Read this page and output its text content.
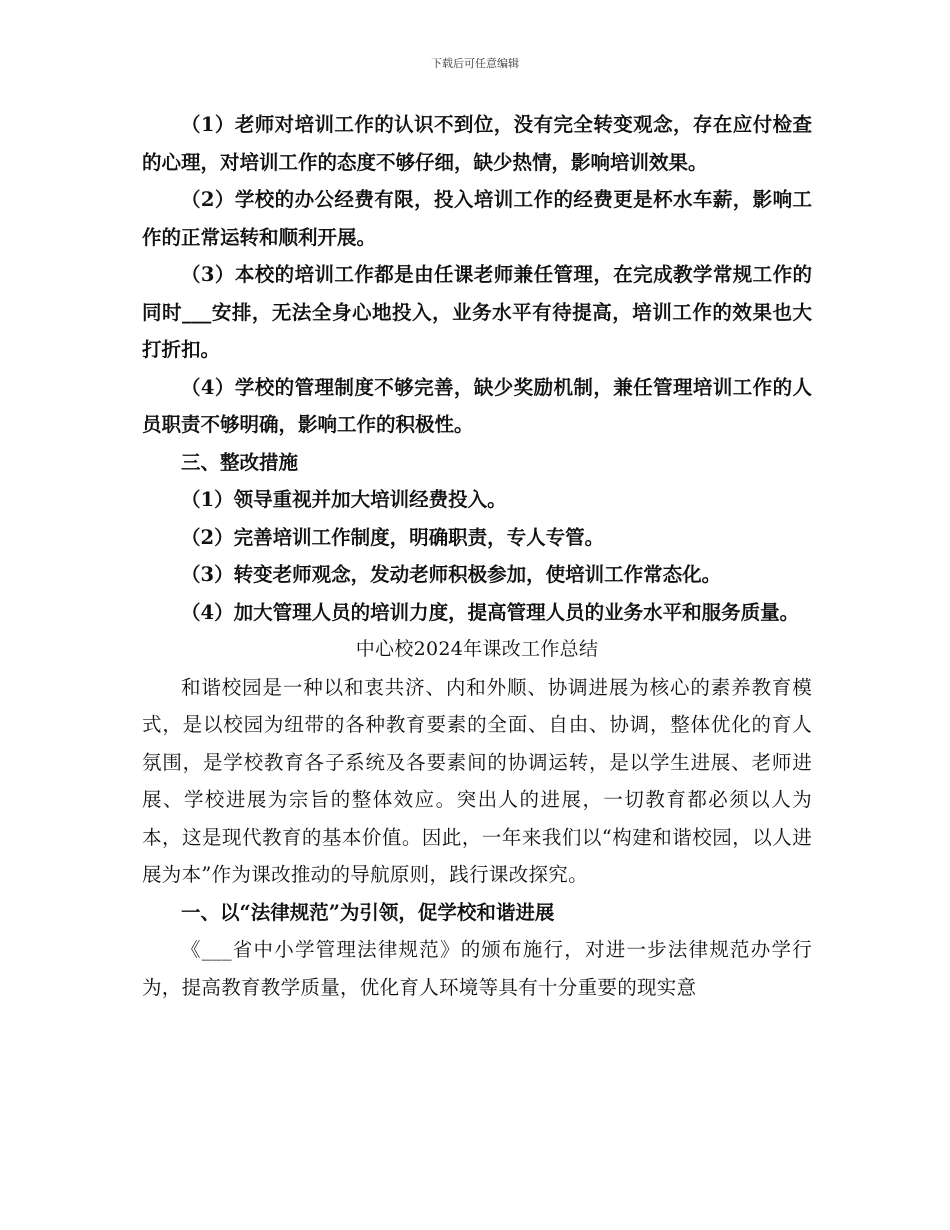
下载后可任意编辑

（1）老师对培训工作的认识不到位，没有完全转变观念，存在应付检查的心理，对培训工作的态度不够仔细，缺少热情，影响培训效果。

（2）学校的办公经费有限，投入培训工作的经费更是杯水车薪，影响工作的正常运转和顺利开展。

（3）本校的培训工作都是由任课老师兼任管理，在完成教学常规工作的同时___安排，无法全身心地投入，业务水平有待提高，培训工作的效果也大打折扣。

（4）学校的管理制度不够完善，缺少奖励机制，兼任管理培训工作的人员职责不够明确，影响工作的积极性。

三、整改措施

（1）领导重视并加大培训经费投入。

（2）完善培训工作制度，明确职责，专人专管。

（3）转变老师观念，发动老师积极参加，使培训工作常态化。

（4）加大管理人员的培训力度，提高管理人员的业务水平和服务质量。

中心校2024年课改工作总结

和谐校园是一种以和衷共济、内和外顺、协调进展为核心的素养教育模式，是以校园为纽带的各种教育要素的全面、自由、协调，整体优化的育人氛围，是学校教育各子系统及各要素间的协调运转，是以学生进展、老师进展、学校进展为宗旨的整体效应。突出人的进展，一切教育都必须以人为本，这是现代教育的基本价值。因此，一年来我们以“构建和谐校园，以人进展为本”作为课改推动的导航原则，践行课改探究。

一、以“法律规范”为引领，促学校和谐进展

《___省中小学管理法律规范》的颁布施行，对进一步法律规范办学行为，提高教育教学质量，优化育人环境等具有十分重要的现实意
